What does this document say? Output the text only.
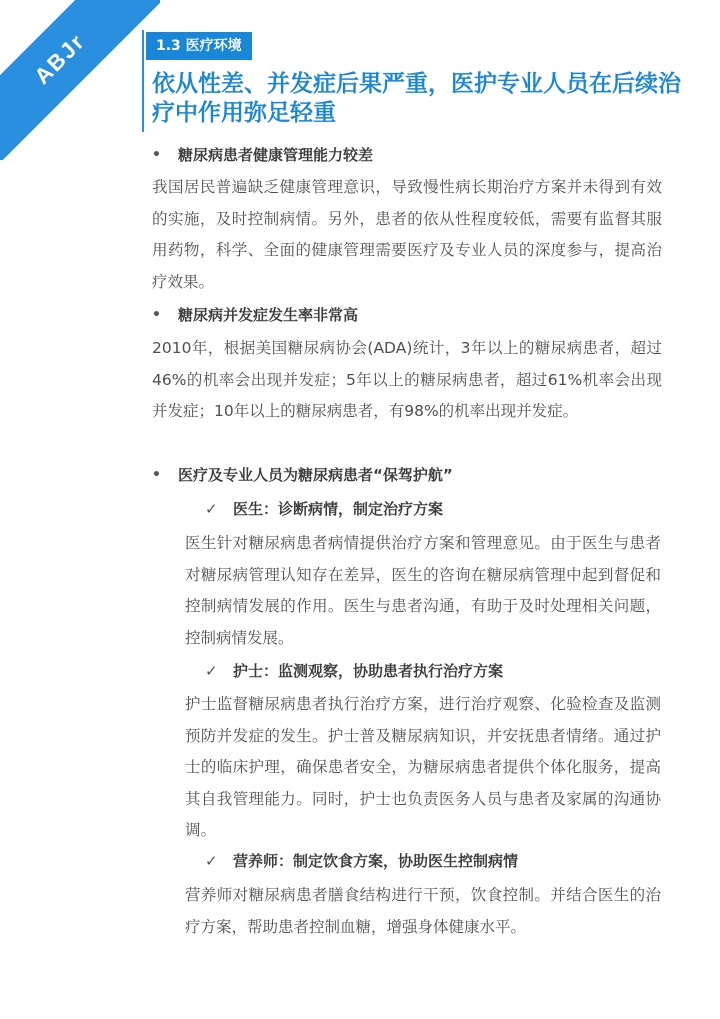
ABJr	1.3 医疗环境
依从性差、并发症后果严重，医护专业人员在后续治疗中作用弥足轻重
•	糖尿病患者健康管理能力较差
我国居民普遍缺乏健康管理意识，导致慢性病长期治疗方案并未得到有效的实施，及时控制病情。另外，患者的依从性程度较低，需要有监督其服用药物，科学、全面的健康管理需要医疗及专业人员的深度参与，提高治疗效果。
•	糖尿病并发症发生率非常高
2010年，根据美国糖尿病协会(ADA)统计，3年以上的糖尿病患者，超过46%的机率会出现并发症；5年以上的糖尿病患者，超过61%机率会出现并发症；10年以上的糖尿病患者，有98%的机率出现并发症。
•	医疗及专业人员为糖尿病患者“保驾护航”
✓	医生：诊断病情，制定治疗方案
医生针对糖尿病患者病情提供治疗方案和管理意见。由于医生与患者对糖尿病管理认知存在差异，医生的咨询在糖尿病管理中起到督促和控制病情发展的作用。医生与患者沟通，有助于及时处理相关问题，控制病情发展。
✓	护士：监测观察，协助患者执行治疗方案
护士监督糖尿病患者执行治疗方案，进行治疗观察、化验检查及监测预防并发症的发生。护士普及糖尿病知识，并安抚患者情绪。通过护士的临床护理，确保患者安全，为糖尿病患者提供个体化服务，提高其自我管理能力。同时，护士也负责医务人员与患者及家属的沟通协调。
✓	营养师：制定饮食方案，协助医生控制病情
营养师对糖尿病患者膳食结构进行干预，饮食控制。并结合医生的治疗方案，帮助患者控制血糖，增强身体健康水平。
